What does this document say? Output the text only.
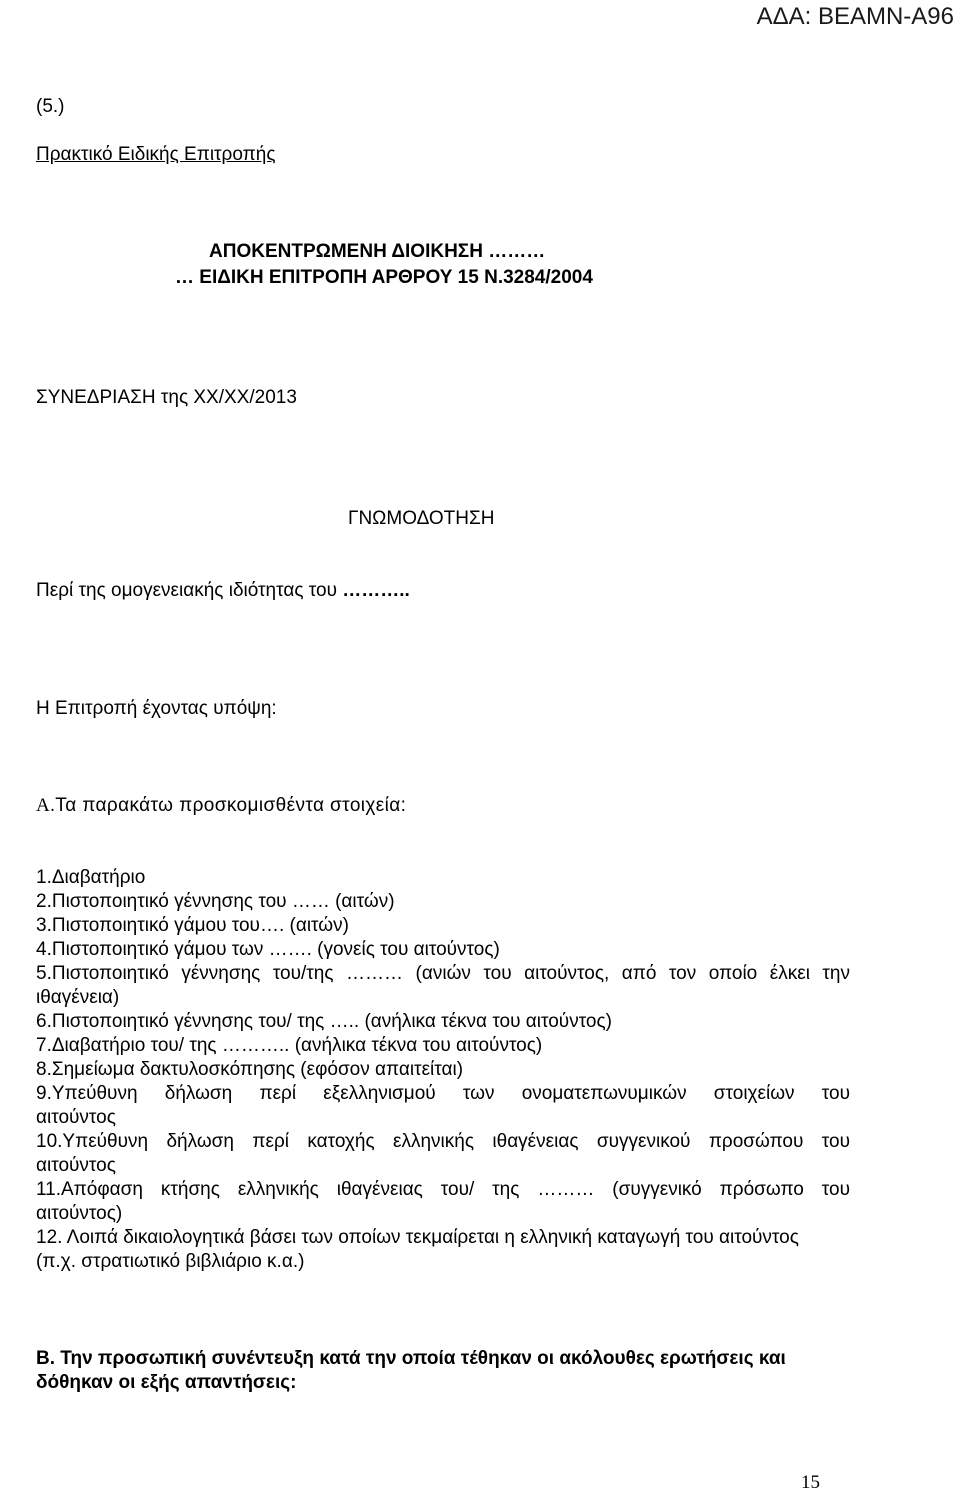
ΑΔΑ: ΒΕΑΜΝ-Α96
(5.)
Πρακτικό Ειδικής Επιτροπής
ΑΠΟΚΕΝΤΡΩΜΕΝΗ ΔΙΟΙΚΗΣΗ ………
… ΕΙΔΙΚΗ ΕΠΙΤΡΟΠΗ ΑΡΘΡΟΥ 15 Ν.3284/2004
ΣΥΝΕΔΡΙΑΣΗ της ΧΧ/ΧΧ/2013
ΓΝΩΜΟΔΟΤΗΣΗ
Περί της ομογενειακής ιδιότητας του ………..
Η Επιτροπή έχοντας υπόψη:
Α.Τα παρακάτω προσκομισθέντα στοιχεία:
1.Διαβατήριο
2.Πιστοποιητικό γέννησης του …… (αιτών)
3.Πιστοποιητικό γάμου του…. (αιτών)
4.Πιστοποιητικό γάμου των ……. (γονείς του αιτούντος)
5.Πιστοποιητικό γέννησης του/της ……… (ανιών του αιτούντος, από τον οποίο έλκει την
ιθαγένεια)
6.Πιστοποιητικό γέννησης του/ της ….. (ανήλικα τέκνα του αιτούντος)
7.Διαβατήριο του/ της ……….. (ανήλικα τέκνα του αιτούντος)
8.Σημείωμα δακτυλοσκόπησης (εφόσον απαιτείται)
9.Υπεύθυνη δήλωση περί εξελληνισμού των ονοματεπωνυμικών στοιχείων του
αιτούντος
10.Υπεύθυνη δήλωση περί κατοχής ελληνικής ιθαγένειας συγγενικού προσώπου του
αιτούντος
11.Απόφαση κτήσης ελληνικής ιθαγένειας του/ της ……… (συγγενικό πρόσωπο του
αιτούντος)
12. Λοιπά δικαιολογητικά βάσει των οποίων τεκμαίρεται η ελληνική καταγωγή του αιτούντος
(π.χ. στρατιωτικό βιβλιάριο κ.α.)
Β. Την προσωπική συνέντευξη κατά την οποία τέθηκαν οι ακόλουθες ερωτήσεις και δόθηκαν οι εξής απαντήσεις:
15
